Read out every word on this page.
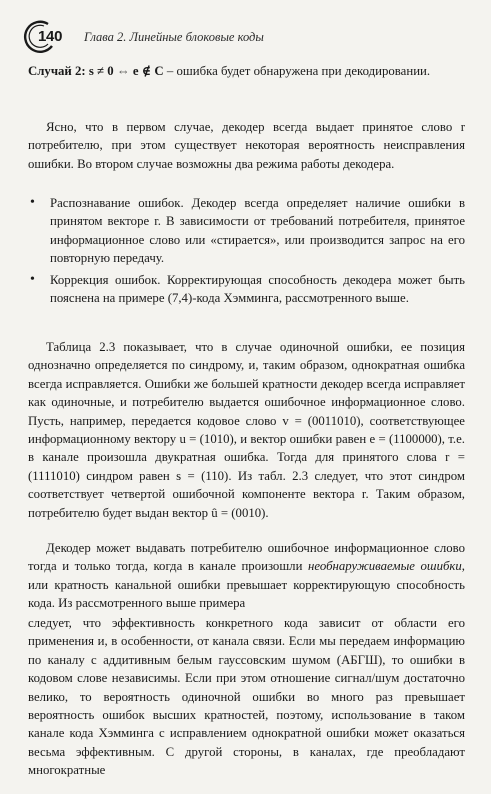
140 Глава 2. Линейные блоковые коды

Случай 2: s ≠ 0 ⇔ e ∉ C – ошибка будет обнаружена при декодировании.

Ясно, что в первом случае, декодер всегда выдает принятое слово r потребителю, при этом существует некоторая вероятность неисправления ошибки. Во втором случае возможны два режима работы декодера.

• Распознавание ошибок. Декодер всегда определяет наличие ошибки в принятом векторе r. В зависимости от требований потребителя, принятое информационное слово или «стирается», или производится запрос на его повторную передачу.
• Коррекция ошибок. Корректирующая способность декодера может быть пояснена на примере (7,4)-кода Хэмминга, рассмотренного выше.

Таблица 2.3 показывает, что в случае одиночной ошибки, ее позиция однозначно определяется по синдрому, и, таким образом, однократная ошибка всегда исправляется. Ошибки же большей кратности декодер всегда исправляет как одиночные, и потребителю выдается ошибочное информационное слово. Пусть, например, передается кодовое слово v = (0011010), соответствующее информационному вектору u = (1010), и вектор ошибки равен e = (1100000), т.е. в канале произошла двукратная ошибка. Тогда для принятого слова r = (1111010) синдром равен s = (110). Из табл. 2.3 следует, что этот синдром соответствует четвертой ошибочной компоненте вектора r. Таким образом, потребителю будет выдан вектор û = (0010).

Декодер может выдавать потребителю ошибочное информационное слово тогда и только тогда, когда в канале произошли необнаруживаемые ошибки, или кратность канальной ошибки превышает корректирующую способность кода. Из рассмотренного выше примера

следует, что эффективность конкретного кода зависит от области его применения и, в особенности, от канала связи. Если мы передаем информацию по каналу с аддитивным белым гауссовским шумом (АБГШ), то ошибки в кодовом слове независимы. Если при этом отношение сигнал/шум достаточно велико, то вероятность одиночной ошибки во много раз превышает вероятность ошибок высших кратностей, поэтому, использование в таком канале кода Хэмминга с исправлением однократной ошибки может оказаться весьма эффективным. С другой стороны, в каналах, где преобладают многократные
